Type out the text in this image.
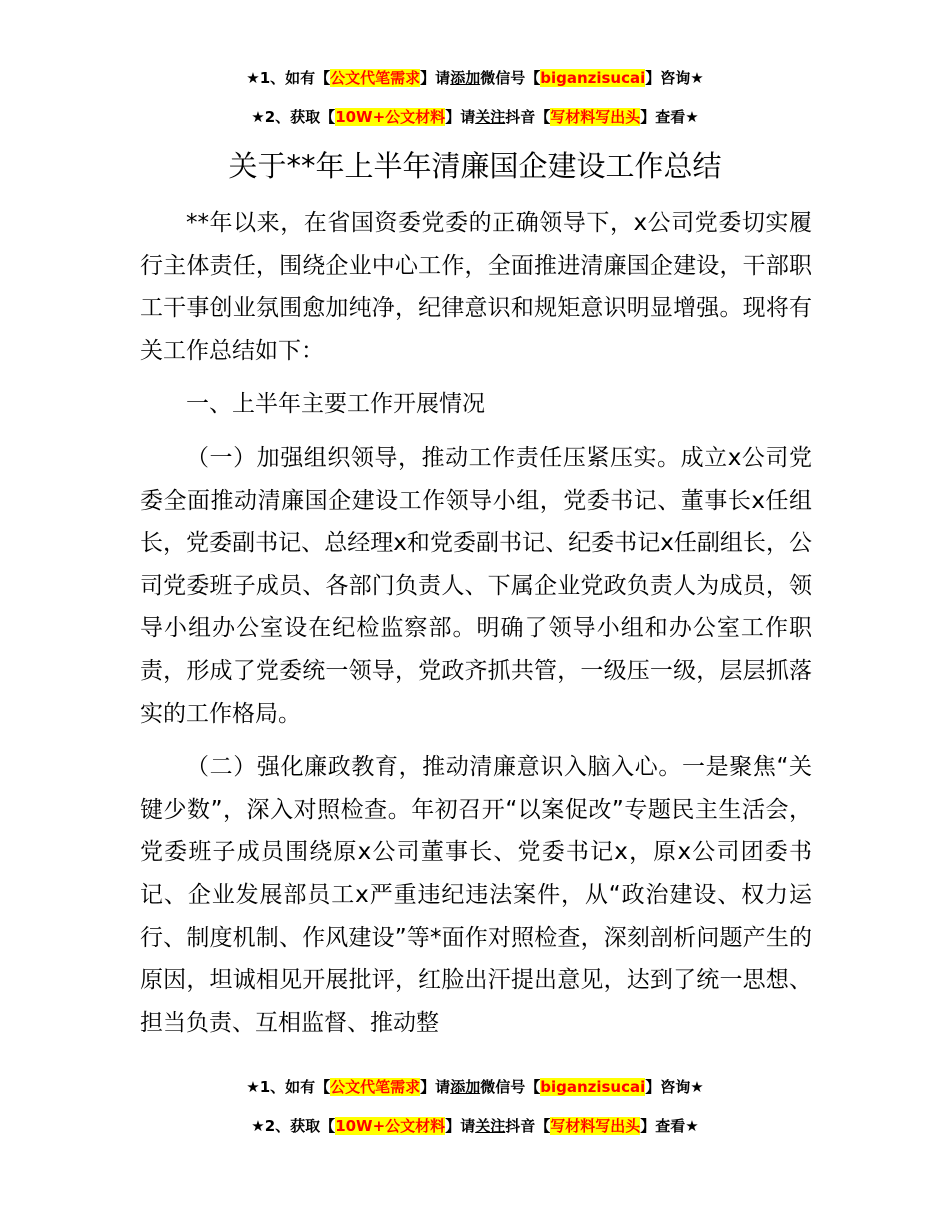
★1、如有【公文代笔需求】请添加微信号【biganzisucai】咨询★
★2、获取【10W+公文材料】请关注抖音【写材料写出头】查看★
关于**年上半年清廉国企建设工作总结

**年以来，在省国资委党委的正确领导下，x公司党委切实履行主体责任，围绕企业中心工作，全面推进清廉国企建设，干部职工干事创业氛围愈加纯净，纪律意识和规矩意识明显增强。现将有关工作总结如下：

一、上半年主要工作开展情况

（一）加强组织领导，推动工作责任压紧压实。成立x公司党委全面推动清廉国企建设工作领导小组，党委书记、董事长x任组长，党委副书记、总经理x和党委副书记、纪委书记x任副组长，公司党委班子成员、各部门负责人、下属企业党政负责人为成员，领导小组办公室设在纪检监察部。明确了领导小组和办公室工作职责，形成了党委统一领导，党政齐抓共管，一级压一级，层层抓落实的工作格局。

（二）强化廉政教育，推动清廉意识入脑入心。一是聚焦“关键少数”，深入对照检查。年初召开“以案促改”专题民主生活会，党委班子成员围绕原x公司董事长、党委书记x，原x公司团委书记、企业发展部员工x严重违纪违法案件，从“政治建设、权力运行、制度机制、作风建设”等*面作对照检查，深刻剖析问题产生的原因，坦诚相见开展批评，红脸出汗提出意见，达到了统一思想、担当负责、互相监督、推动整

★1、如有【公文代笔需求】请添加微信号【biganzisucai】咨询★
★2、获取【10W+公文材料】请关注抖音【写材料写出头】查看★
